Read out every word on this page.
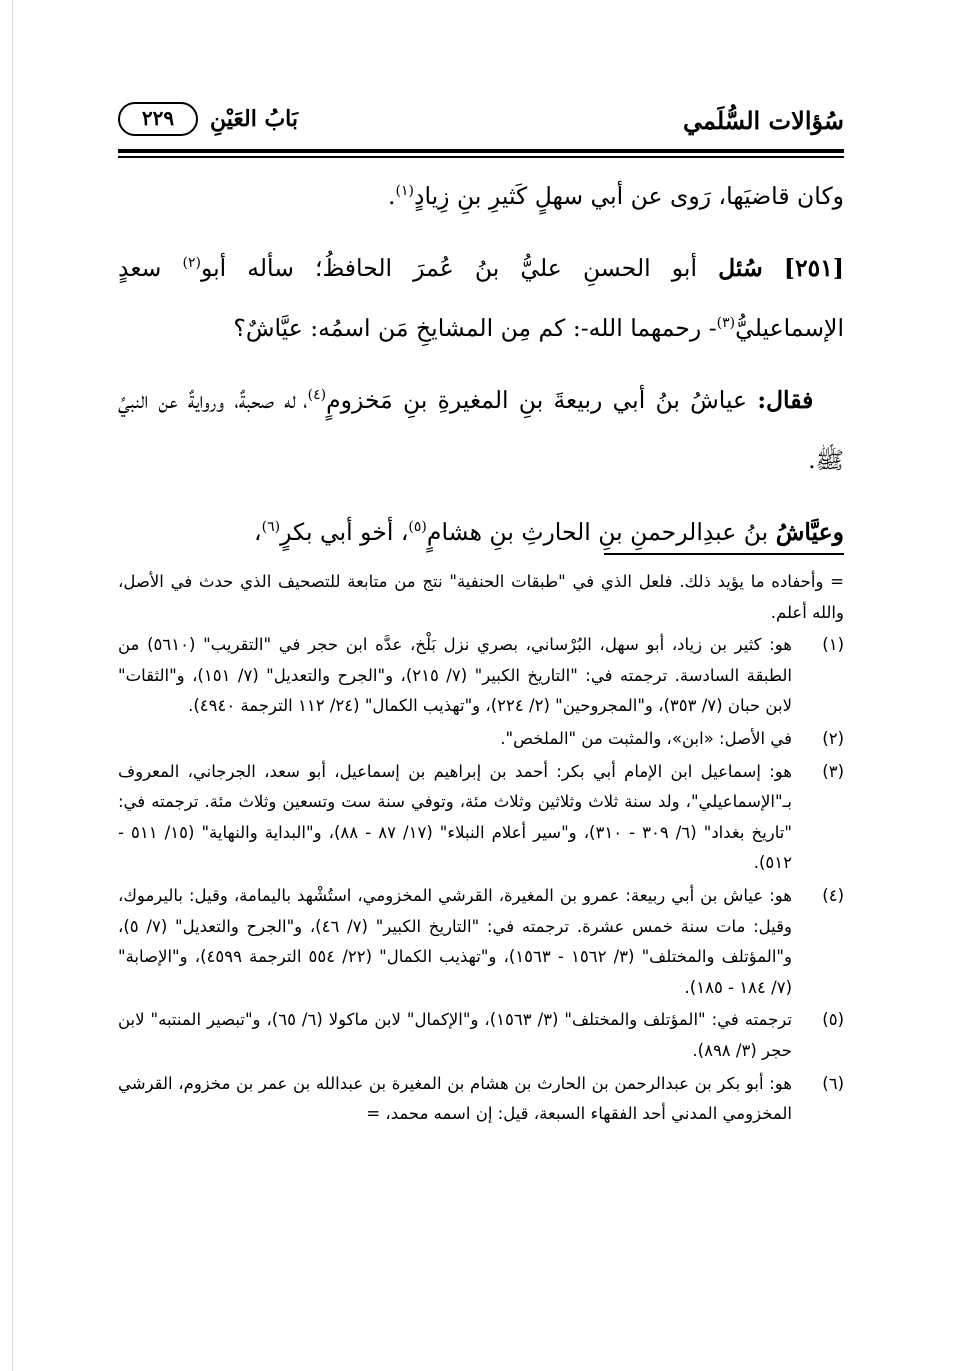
سُؤالات السُّلَمي
بَابُ العَيْنِ
٢٢٩

وكان قاضيَها، رَوى عن أبي سهلٍ كَثيرِ بنِ زِيادٍ$^{(١)}$.

[٢٥١] سُئل أبو الحسنِ عليُّ بنُ عُمرَ الحافظُ؛ سأله أبو$^{(٢)}$ سعدٍ الإسماعيليُّ$^{(٣)}$- رحمهما الله-: كم مِن المشايخِ مَن اسمُه: عيَّاشٌ؟

فقال: عياشُ بنُ أبي ربيعةَ بنِ المغيرةِ بنِ مَخزومٍ$^{(٤)}$، له صحبةٌ، وروايةٌ عن النبيِّ ﷺ.

وعيَّاشُ بنُ عبدِالرحمنِ بنِ الحارثِ بنِ هشامٍ$^{(٥)}$، أخو أبي بكرٍ$^{(٦)}$،

= وأحفاده ما يؤيد ذلك. فلعل الذي في "طبقات الحنفية" نتج من متابعة للتصحيف الذي حدث في الأصل، والله أعلم.
(١)
هو: كثير بن زياد، أبو سهل، البُرْساني، بصري نزل بَلْخ، عدَّه ابن حجر في "التقريب" (٥٦١٠) من الطبقة السادسة. ترجمته في: "التاريخ الكبير" (٧/ ٢١٥)، و"الجرح والتعديل" (٧/ ١٥١)، و"الثقات" لابن حبان (٧/ ٣٥٣)، و"المجروحين" (٢/ ٢٢٤)، و"تهذيب الكمال" (٢٤/ ١١٢ الترجمة ٤٩٤٠).
(٢)
في الأصل: «ابن»، والمثبت من "الملخص".
(٣)
هو: إسماعيل ابن الإمام أبي بكر: أحمد بن إبراهيم بن إسماعيل، أبو سعد، الجرجاني، المعروف بـ"الإسماعيلي"، ولد سنة ثلاث وثلاثين وثلاث مئة، وتوفي سنة ست وتسعين وثلاث مئة. ترجمته في: "تاريخ بغداد" (٦/ ٣٠٩ - ٣١٠)، و"سير أعلام النبلاء" (١٧/ ٨٧ - ٨٨)، و"البداية والنهاية" (١٥/ ٥١١ - ٥١٢).
(٤)
هو: عياش بن أبي ربيعة: عمرو بن المغيرة، القرشي المخزومي، استُشْهد باليمامة، وقيل: باليرموك، وقيل: مات سنة خمس عشرة. ترجمته في: "التاريخ الكبير" (٧/ ٤٦)، و"الجرح والتعديل" (٧/ ٥)، و"المؤتلف والمختلف" (٣/ ١٥٦٢ - ١٥٦٣)، و"تهذيب الكمال" (٢٢/ ٥٥٤ الترجمة ٤٥٩٩)، و"الإصابة" (٧/ ١٨٤ - ١٨٥).
(٥)
ترجمته في: "المؤتلف والمختلف" (٣/ ١٥٦٣)، و"الإكمال" لابن ماكولا (٦/ ٦٥)، و"تبصير المنتبه" لابن حجر (٣/ ٨٩٨).
(٦)
هو: أبو بكر بن عبدالرحمن بن الحارث بن هشام بن المغيرة بن عبدالله بن عمر بن مخزوم، القرشي المخزومي المدني أحد الفقهاء السبعة، قيل: إن اسمه محمد، =
